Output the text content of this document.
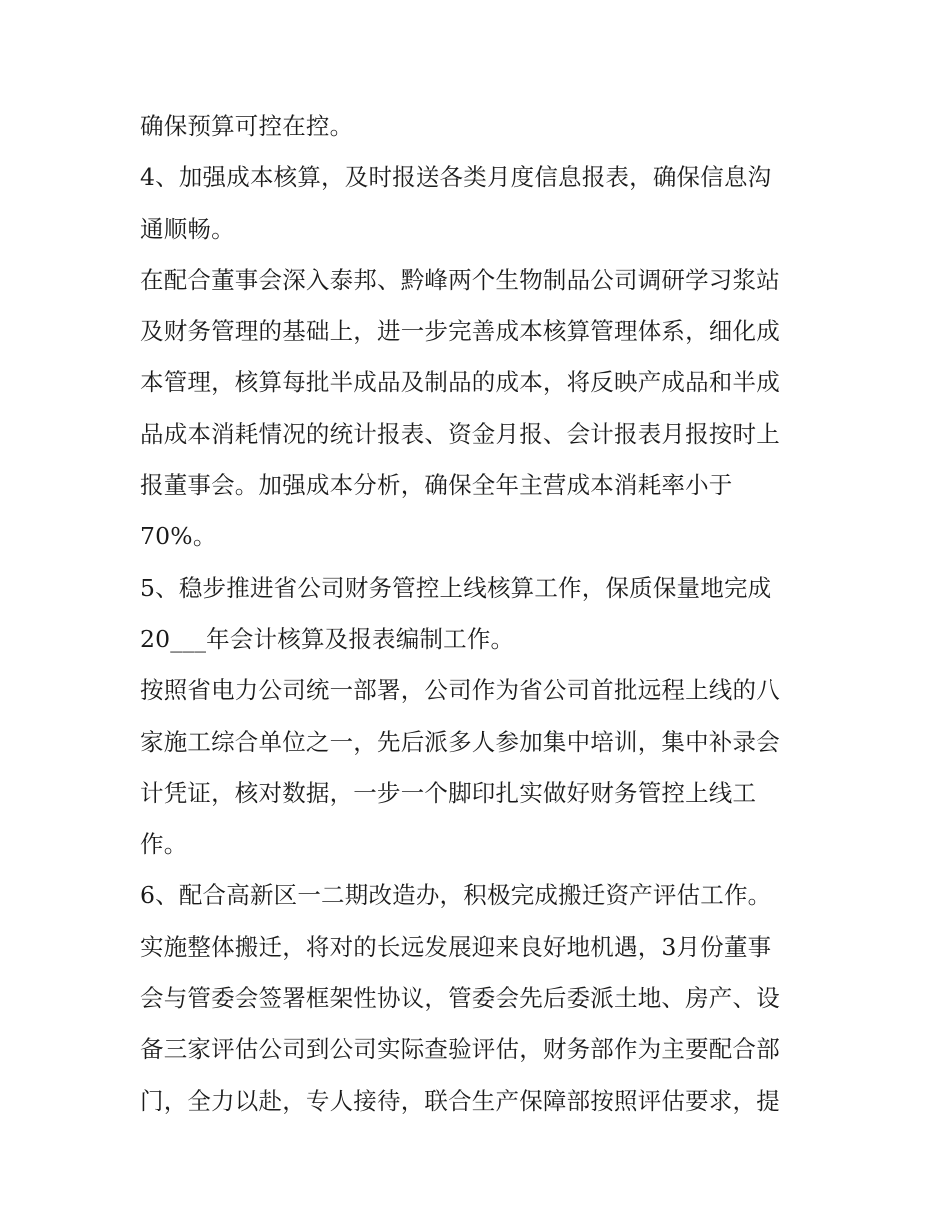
确保预算可控在控。
4、加强成本核算，及时报送各类月度信息报表，确保信息沟
通顺畅。
在配合董事会深入泰邦、黔峰两个生物制品公司调研学习浆站
及财务管理的基础上，进一步完善成本核算管理体系，细化成
本管理，核算每批半成品及制品的成本，将反映产成品和半成
品成本消耗情况的统计报表、资金月报、会计报表月报按时上
报董事会。加强成本分析，确保全年主营成本消耗率小于
70%。
5、稳步推进省公司财务管控上线核算工作，保质保量地完成
20___年会计核算及报表编制工作。
按照省电力公司统一部署，公司作为省公司首批远程上线的八
家施工综合单位之一，先后派多人参加集中培训，集中补录会
计凭证，核对数据，一步一个脚印扎实做好财务管控上线工
作。
6、配合高新区一二期改造办，积极完成搬迁资产评估工作。
实施整体搬迁，将对的长远发展迎来良好地机遇，3月份董事
会与管委会签署框架性协议，管委会先后委派土地、房产、设
备三家评估公司到公司实际查验评估，财务部作为主要配合部
门，全力以赴，专人接待，联合生产保障部按照评估要求，提
